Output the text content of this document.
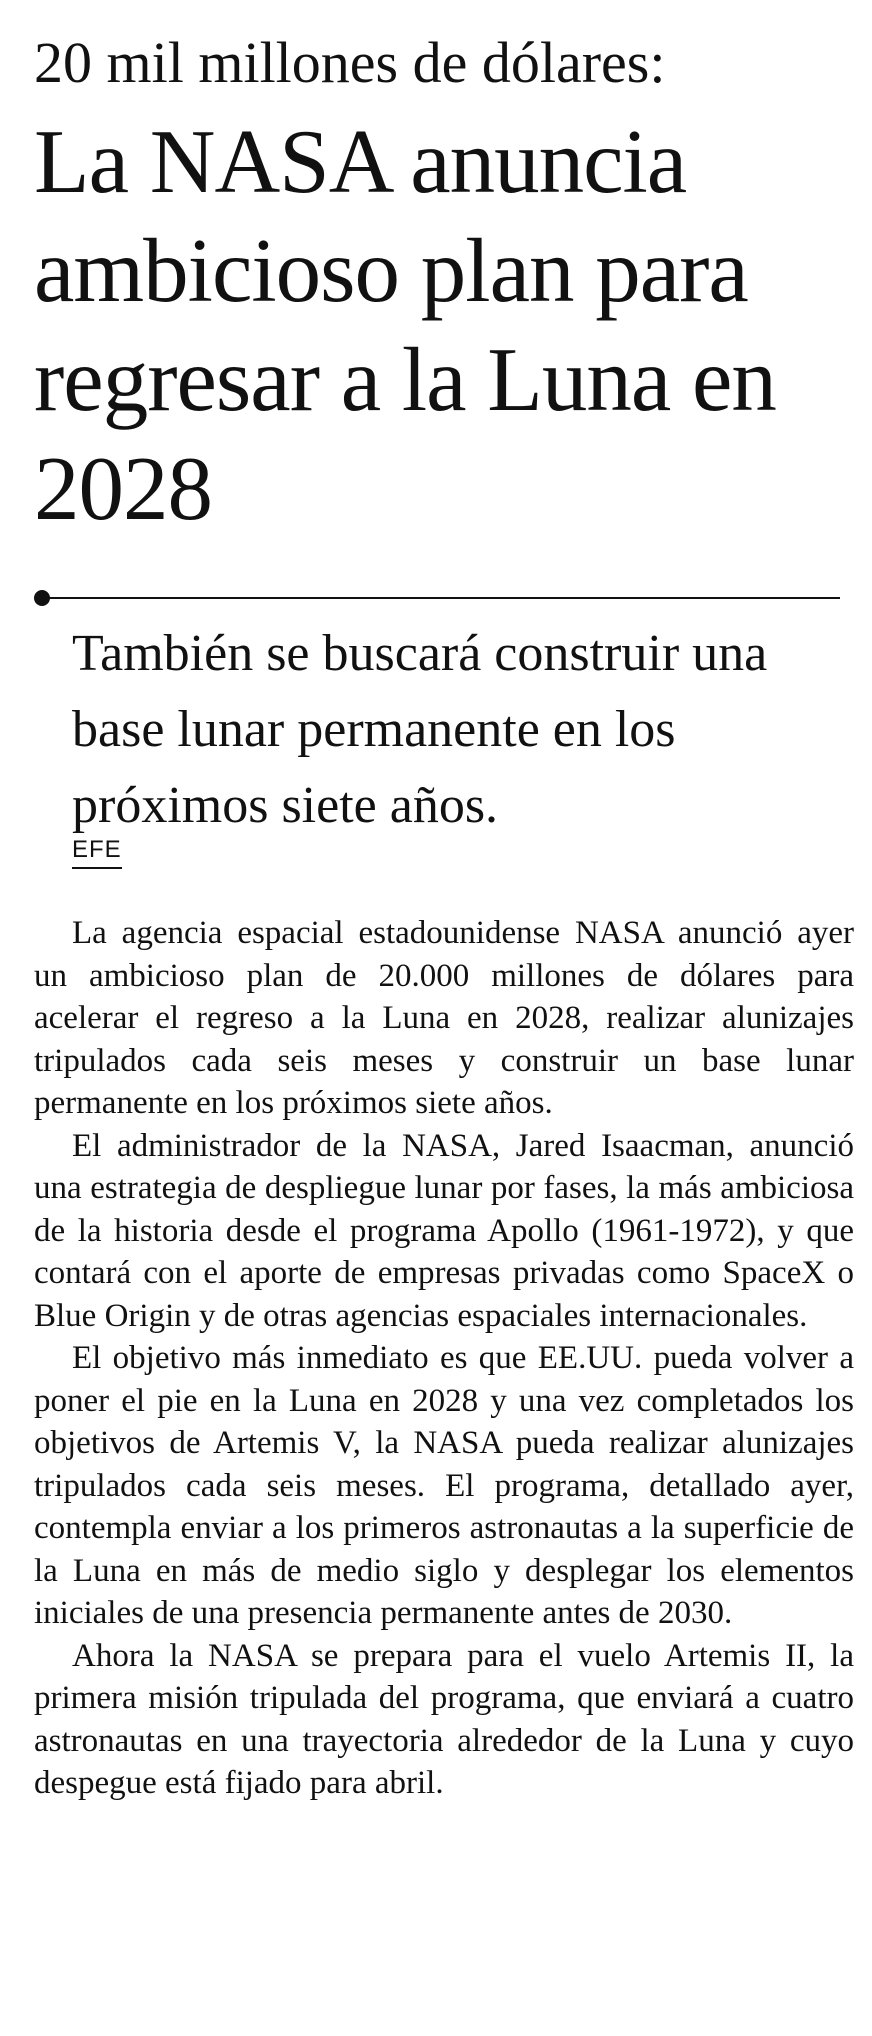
20 mil millones de dólares:
La NASA anuncia ambicioso plan para regresar a la Luna en 2028

También se buscará construir una base lunar permanente en los próximos siete años.

EFE

La agencia espacial estadounidense NASA anunció ayer un ambicioso plan de 20.000 millones de dólares para acelerar el regreso a la Luna en 2028, realizar alunizajes tripulados cada seis meses y construir un base lunar permanente en los próximos siete años.

El administrador de la NASA, Jared Isaacman, anunció una estrategia de despliegue lunar por fases, la más ambiciosa de la historia desde el programa Apollo (1961-1972), y que contará con el aporte de empresas privadas como SpaceX o Blue Origin y de otras agencias espaciales internacionales.

El objetivo más inmediato es que EE.UU. pueda volver a poner el pie en la Luna en 2028 y una vez completados los objetivos de Artemis V, la NASA pueda realizar alunizajes tripulados cada seis meses. El programa, detallado ayer, contempla enviar a los primeros astronautas a la superficie de la Luna en más de medio siglo y desplegar los elementos iniciales de una presencia permanente antes de 2030.

Ahora la NASA se prepara para el vuelo Artemis II, la primera misión tripulada del programa, que enviará a cuatro astronautas en una trayectoria alrededor de la Luna y cuyo despegue está fijado para abril.
